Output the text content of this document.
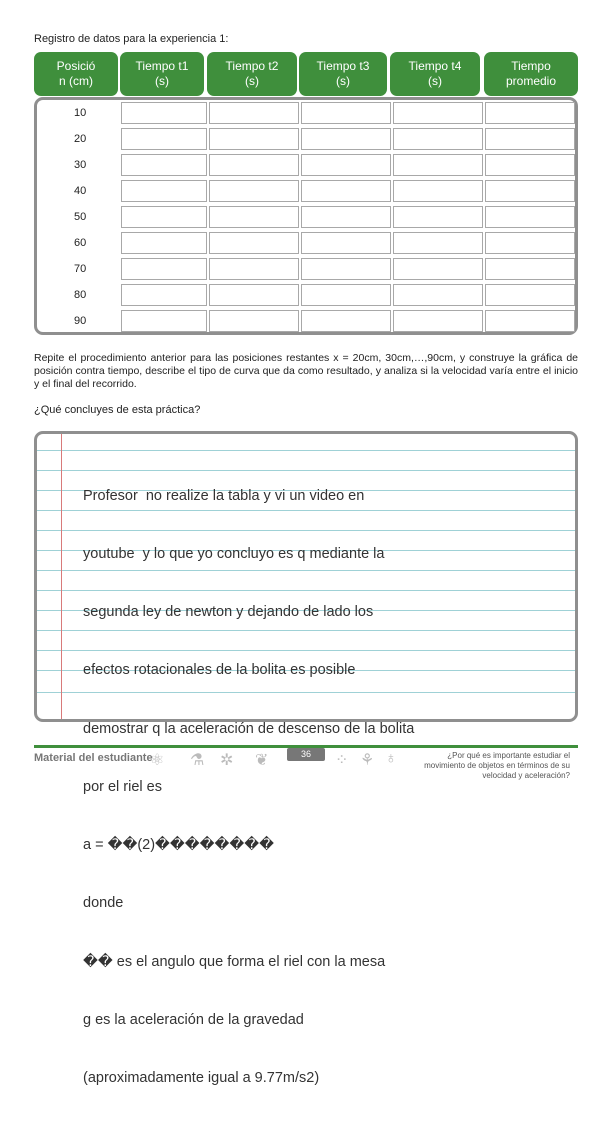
Registro de datos para la experiencia 1:
Posició
n (cm)
Tiempo t1
(s)
Tiempo t2
(s)
Tiempo t3
(s)
Tiempo t4
(s)
Tiempo
promedio
10
20
30
40
50
60
70
80
90
Repite el procedimiento anterior para las posiciones restantes x = 20cm, 30cm,…,90cm, y construye la gráfica de posición contra tiempo, describe el tipo de curva que da como resultado, y analiza si la velocidad varía entre el inicio y el final del recorrido.
¿Qué concluyes de esta práctica?

Profesor  no realize la tabla y vi un video en

youtube  y lo que yo concluyo es q mediante la

segunda ley de newton y dejando de lado los

efectos rotacionales de la bolita es posible

demostrar q la aceleración de descenso de la bolita

por el riel es

a = ��(2)��������

donde

�� es el angulo que forma el riel con la mesa

g es la aceleración de la gravedad

(aproximadamente igual a 9.77m/s2)

Material del estudiante
⚛ ⚗ ✲ ❦	⁘ ⚘ ♁
36	¿Por qué es importante estudiar el movimiento de objetos en términos de su velocidad y aceleración?
